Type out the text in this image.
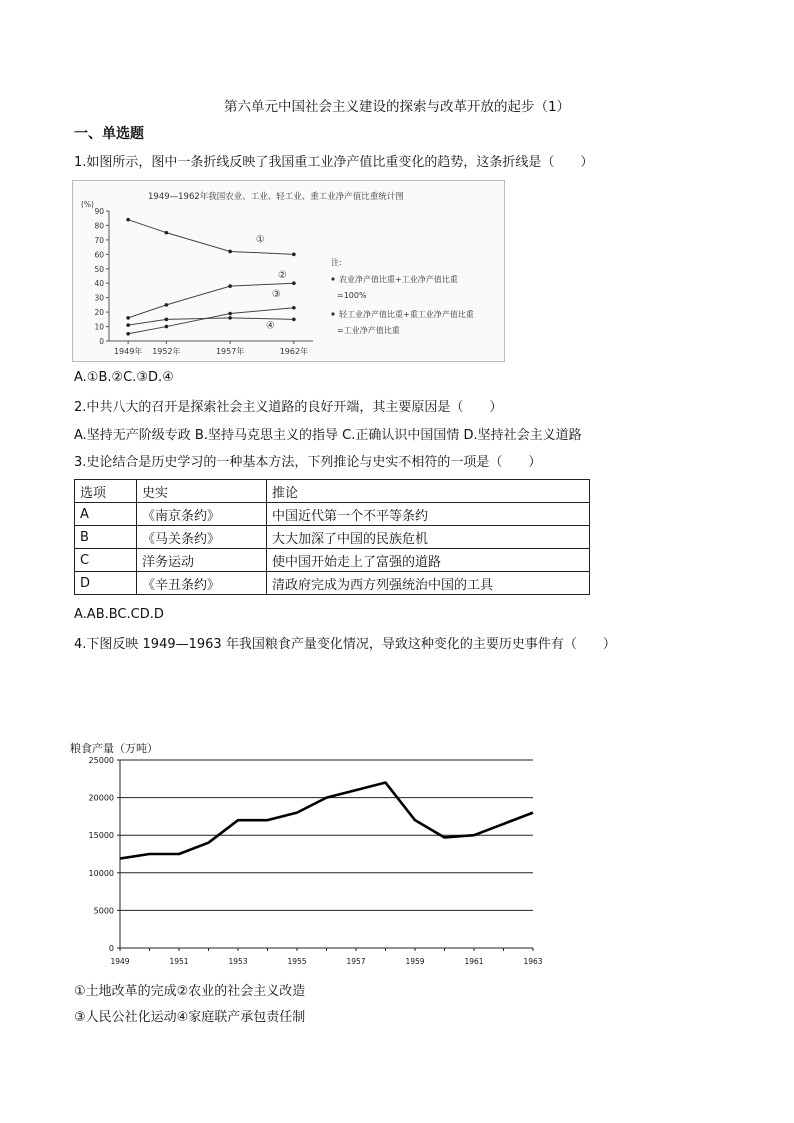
第六单元中国社会主义建设的探索与改革开放的起步（1）
一、单选题
1.如图所示，图中一条折线反映了我国重工业净产值比重变化的趋势，这条折线是（　　）
1949—1962年我国农业、工业、轻工业、重工业净产值比重统计图
(%)
90
80
70
60
50
40
30
20
10
0
1949年 1952年	1957年	1962年
①
②
③
④
注:
农业净产值比重+工业净产值比重
=100%
轻工业净产值比重+重工业净产值比重
=工业净产值比重
A.①B.②C.③D.④
2.中共八大的召开是探索社会主义道路的良好开端，其主要原因是（　　）
A.坚持无产阶级专政 B.坚持马克思主义的指导 C.正确认识中国国情 D.坚持社会主义道路
3.史论结合是历史学习的一种基本方法，下列推论与史实不相符的一项是（　　）
选项	史实	推论
A	《南京条约》	中国近代第一个不平等条约
B	《马关条约》	大大加深了中国的民族危机
C	洋务运动	使中国开始走上了富强的道路
D	《辛丑条约》	清政府完成为西方列强统治中国的工具
A.AB.BC.CD.D
4.下图反映 1949—1963 年我国粮食产量变化情况，导致这种变化的主要历史事件有（　　）
粮食产量（万吨）
0
5000
10000
15000
20000
25000
1949	1951	1953	1955	1957	1959	1961	1963
①土地改革的完成②农业的社会主义改造
③人民公社化运动④家庭联产承包责任制
